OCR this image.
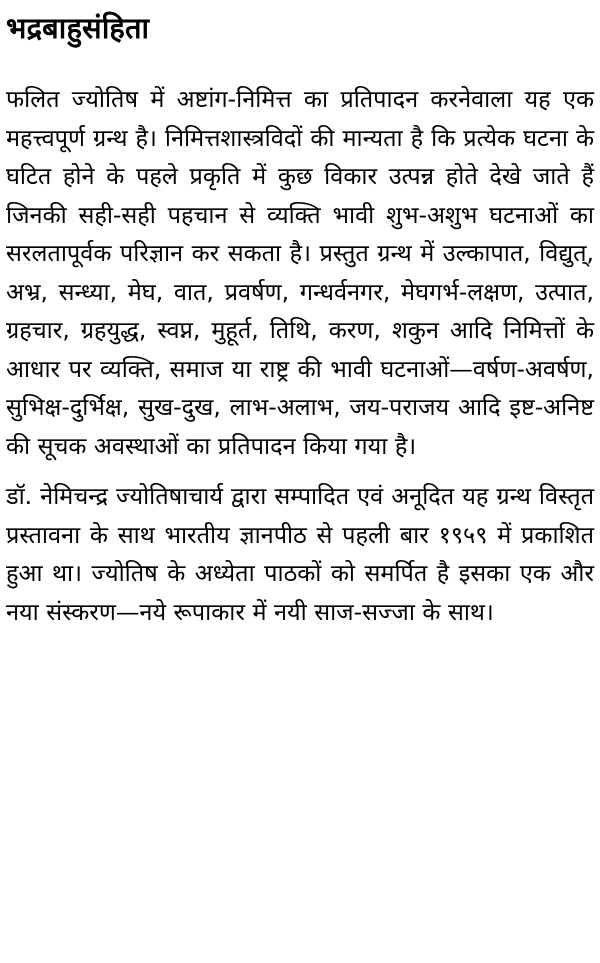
भद्रबाहुसंहिता

फलित ज्योतिष में अष्टांग-निमित्त का प्रतिपादन करनेवाला यह एक महत्त्वपूर्ण ग्रन्थ है। निमित्तशास्त्रविदों की मान्यता है कि प्रत्येक घटना के घटित होने के पहले प्रकृति में कुछ विकार उत्पन्न होते देखे जाते हैं जिनकी सही-सही पहचान से व्यक्ति भावी शुभ-अशुभ घटनाओं का सरलतापूर्वक परिज्ञान कर सकता है। प्रस्तुत ग्रन्थ में उल्कापात, विद्युत्, अभ्र, सन्ध्या, मेघ, वात, प्रवर्षण, गन्धर्वनगर, मेघगर्भ-लक्षण, उत्पात, ग्रहचार, ग्रहयुद्ध, स्वप्न, मुहूर्त, तिथि, करण, शकुन आदि निमित्तों के आधार पर व्यक्ति, समाज या राष्ट्र की भावी घटनाओं—वर्षण-अवर्षण, सुभिक्ष-दुर्भिक्ष, सुख-दुख, लाभ-अलाभ, जय-पराजय आदि इष्ट-अनिष्ट की सूचक अवस्थाओं का प्रतिपादन किया गया है।

डॉ. नेमिचन्द्र ज्योतिषाचार्य द्वारा सम्पादित एवं अनूदित यह ग्रन्थ विस्तृत प्रस्तावना के साथ भारतीय ज्ञानपीठ से पहली बार १९५९ में प्रकाशित हुआ था। ज्योतिष के अध्येता पाठकों को समर्पित है इसका एक और नया संस्करण—नये रूपाकार में नयी साज-सज्जा के साथ।
